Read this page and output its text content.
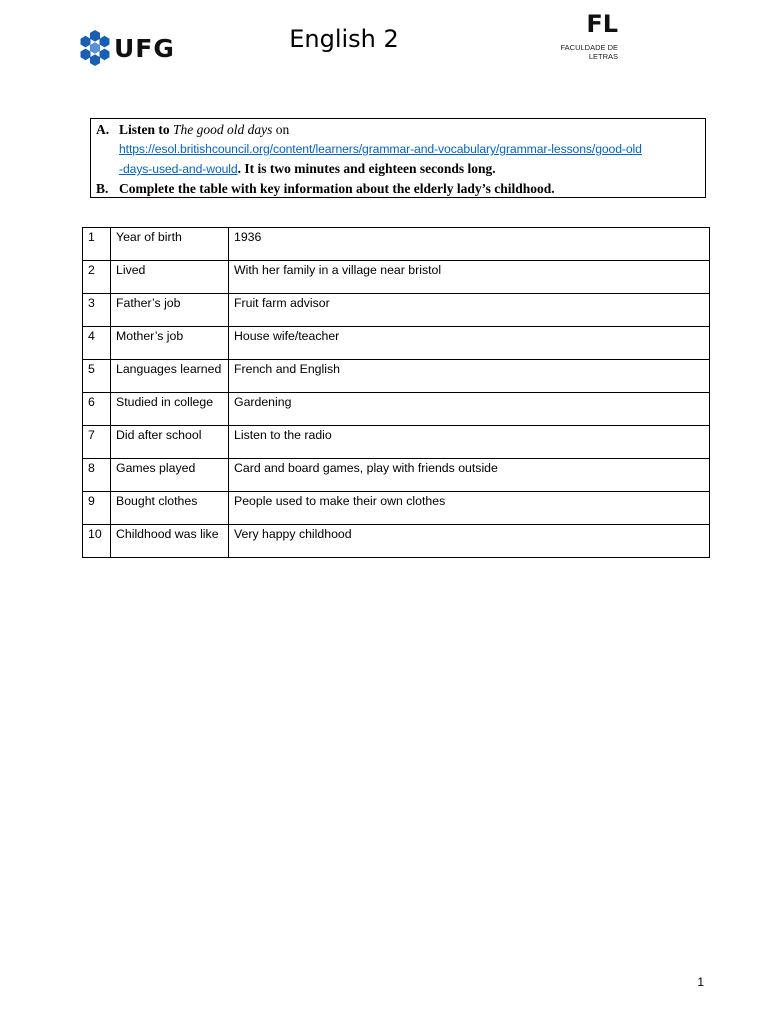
UFG	English 2
FL
FACULDADE DE
LETRAS
A. Listen to The good old days on
https://esol.britishcouncil.org/content/learners/grammar-and-vocabulary/grammar-lessons/good-old
-days-used-and-would. It is two minutes and eighteen seconds long.
B. Complete the table with key information about the elderly lady’s childhood.
1	Year of birth	1936
2	Lived	With her family in a village near bristol
3	Father’s job	Fruit farm advisor
4	Mother’s job	House wife/teacher
5	Languages learned	French and English
6	Studied in college	Gardening
7	Did after school	Listen to the radio
8	Games played	Card and board games, play with friends outside
9	Bought clothes	People used to make their own clothes
10	Childhood was like	Very happy childhood
1
